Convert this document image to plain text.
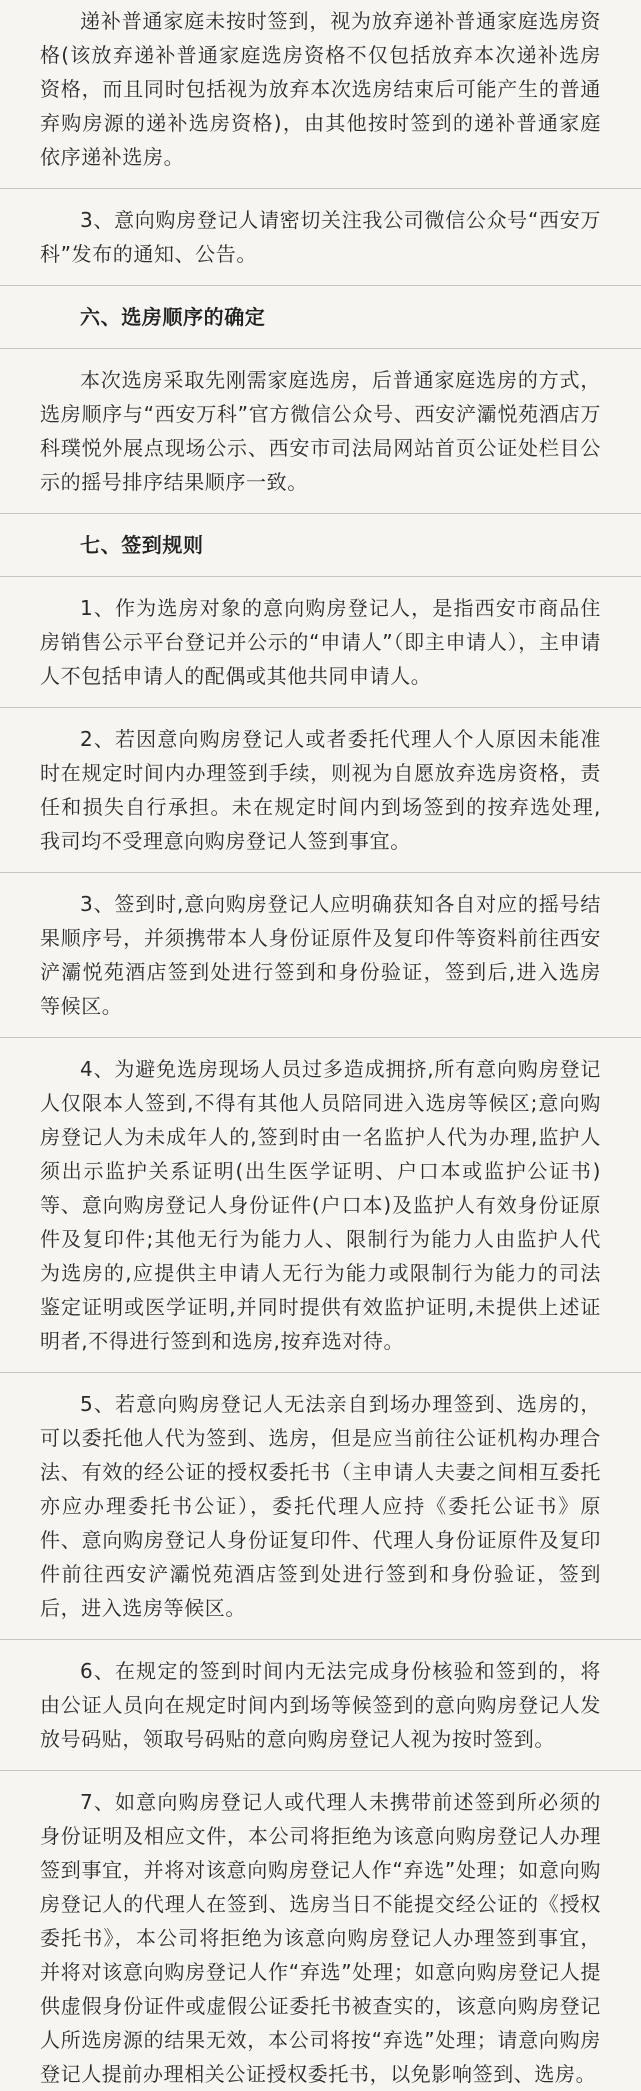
递补普通家庭未按时签到，视为放弃递补普通家庭选房资格(该放弃递补普通家庭选房资格不仅包括放弃本次递补选房资格，而且同时包括视为放弃本次选房结束后可能产生的普通弃购房源的递补选房资格)，由其他按时签到的递补普通家庭依序递补选房。

3、意向购房登记人请密切关注我公司微信公众号“西安万科”发布的通知、公告。

六、选房顺序的确定

本次选房采取先刚需家庭选房，后普通家庭选房的方式，选房顺序与“西安万科”官方微信公众号、西安浐灞悦苑酒店万科璞悦外展点现场公示、西安市司法局网站首页公证处栏目公示的摇号排序结果顺序一致。

七、签到规则

1、作为选房对象的意向购房登记人，是指西安市商品住房销售公示平台登记并公示的“申请人”（即主申请人），主申请人不包括申请人的配偶或其他共同申请人。

2、若因意向购房登记人或者委托代理人个人原因未能准时在规定时间内办理签到手续，则视为自愿放弃选房资格，责任和损失自行承担。未在规定时间内到场签到的按弃选处理,我司均不受理意向购房登记人签到事宜。

3、签到时,意向购房登记人应明确获知各自对应的摇号结果顺序号，并须携带本人身份证原件及复印件等资料前往西安浐灞悦苑酒店签到处进行签到和身份验证，签到后,进入选房等候区。

4、为避免选房现场人员过多造成拥挤,所有意向购房登记人仅限本人签到,不得有其他人员陪同进入选房等候区;意向购房登记人为未成年人的,签到时由一名监护人代为办理,监护人须出示监护关系证明(出生医学证明、户口本或监护公证书)等、意向购房登记人身份证件(户口本)及监护人有效身份证原件及复印件;其他无行为能力人、限制行为能力人由监护人代为选房的,应提供主申请人无行为能力或限制行为能力的司法鉴定证明或医学证明,并同时提供有效监护证明,未提供上述证明者,不得进行签到和选房,按弃选对待。

5、若意向购房登记人无法亲自到场办理签到、选房的，可以委托他人代为签到、选房，但是应当前往公证机构办理合法、有效的经公证的授权委托书（主申请人夫妻之间相互委托亦应办理委托书公证），委托代理人应持《委托公证书》原件、意向购房登记人身份证复印件、代理人身份证原件及复印件前往西安浐灞悦苑酒店签到处进行签到和身份验证，签到后，进入选房等候区。

6、在规定的签到时间内无法完成身份核验和签到的，将由公证人员向在规定时间内到场等候签到的意向购房登记人发放号码贴，领取号码贴的意向购房登记人视为按时签到。

7、如意向购房登记人或代理人未携带前述签到所必须的身份证明及相应文件，本公司将拒绝为该意向购房登记人办理签到事宜，并将对该意向购房登记人作“弃选”处理；如意向购房登记人的代理人在签到、选房当日不能提交经公证的《授权委托书》，本公司将拒绝为该意向购房登记人办理签到事宜，并将对该意向购房登记人作“弃选”处理；如意向购房登记人提供虚假身份证件或虚假公证委托书被查实的，该意向购房登记人所选房源的结果无效，本公司将按“弃选”处理；请意向购房登记人提前办理相关公证授权委托书，以免影响签到、选房。
